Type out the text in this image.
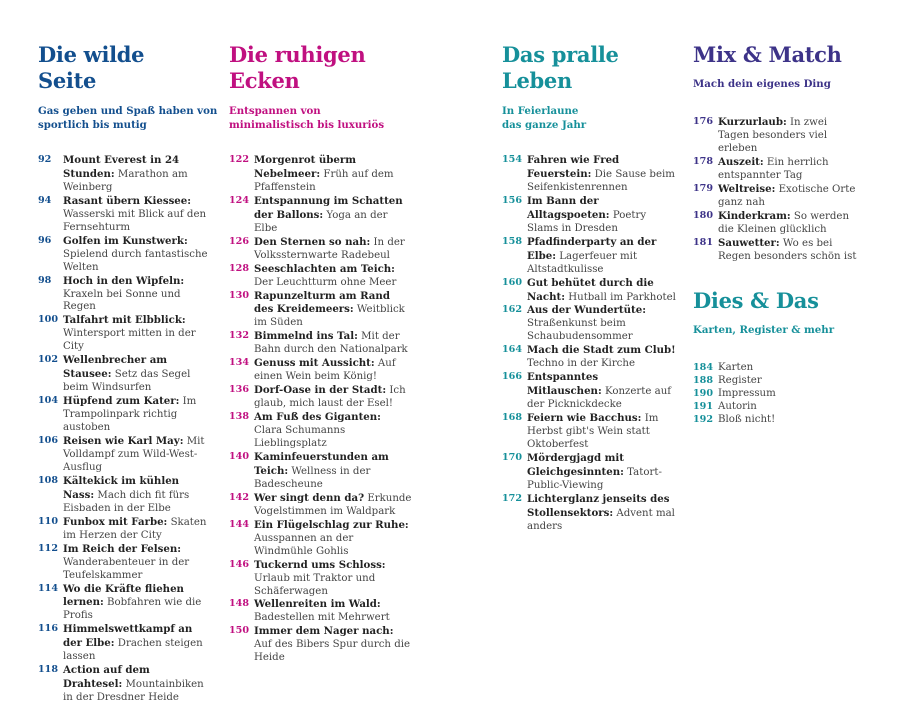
Die wilde
Seite

Gas geben und Spaß haben von
sportlich bis mutig

92 Mount Everest in 24 Stunden: Marathon am Weinberg
94 Rasant übern Kiessee: Wasserski mit Blick auf den Fernsehturm
96 Golfen im Kunstwerk: Spielend durch fantastische Welten
98 Hoch in den Wipfeln: Kraxeln bei Sonne und Regen
100 Talfahrt mit Elbblick: Wintersport mitten in der City
102 Wellenbrecher am Stausee: Setz das Segel beim Windsurfen
104 Hüpfend zum Kater: Im Trampolinpark richtig austoben
106 Reisen wie Karl May: Mit Volldampf zum Wild-West-Ausflug
108 Kältekick im kühlen Nass: Mach dich fit fürs Eisbaden in der Elbe
110 Funbox mit Farbe: Skaten im Herzen der City
112 Im Reich der Felsen: Wanderabenteuer in der Teufelskammer
114 Wo die Kräfte fliehen lernen: Bobfahren wie die Profis
116 Himmelswettkampf an der Elbe: Drachen steigen lassen
118 Action auf dem Drahtesel: Mountainbiken in der Dresdner Heide
Die ruhigen
Ecken

Entspannen von
minimalistisch bis luxuriös

122 Morgenrot überm Nebelmeer: Früh auf dem Pfaffenstein
124 Entspannung im Schatten der Ballons: Yoga an der Elbe
126 Den Sternen so nah: In der Volkssternwarte Radebeul
128 Seeschlachten am Teich: Der Leuchtturm ohne Meer
130 Rapunzelturm am Rand des Kreidemeers: Weitblick im Süden
132 Bimmelnd ins Tal: Mit der Bahn durch den Nationalpark
134 Genuss mit Aussicht: Auf einen Wein beim König!
136 Dorf-Oase in der Stadt: Ich glaub, mich laust der Esel!
138 Am Fuß des Giganten: Clara Schumanns Lieblingsplatz
140 Kaminfeuerstunden am Teich: Wellness in der Badescheune
142 Wer singt denn da? Erkunde Vogelstimmen im Waldpark
144 Ein Flügelschlag zur Ruhe: Ausspannen an der Windmühle Gohlis
146 Tuckernd ums Schloss: Urlaub mit Traktor und Schäferwagen
148 Wellenreiten im Wald: Badestellen mit Mehrwert
150 Immer dem Nager nach: Auf des Bibers Spur durch die Heide
Das pralle
Leben

In Feierlaune
das ganze Jahr

154 Fahren wie Fred Feuerstein: Die Sause beim Seifenkistenrennen
156 Im Bann der Alltagspoeten: Poetry Slams in Dresden
158 Pfadfinderparty an der Elbe: Lagerfeuer mit Altstadtkulisse
160 Gut behütet durch die Nacht: Hutball im Parkhotel
162 Aus der Wundertüte: Straßenkunst beim Schaubudensommer
164 Mach die Stadt zum Club! Techno in der Kirche
166 Entspanntes Mitlauschen: Konzerte auf der Picknickdecke
168 Feiern wie Bacchus: Im Herbst gibt's Wein statt Oktoberfest
170 Mördergjagd mit Gleichgesinnten: Tatort-Public-Viewing
172 Lichterglanz jenseits des Stollensektors: Advent mal anders
Mix & Match

Mach dein eigenes Ding

176 Kurzurlaub: In zwei Tagen besonders viel erleben
178 Auszeit: Ein herrlich entspannter Tag
179 Weltreise: Exotische Orte ganz nah
180 Kinderkram: So werden die Kleinen glücklich
181 Sauwetter: Wo es bei Regen besonders schön ist
Dies & Das

Karten, Register & mehr

184 Karten
188 Register
190 Impressum
191 Autorin
192 Bloß nicht!
